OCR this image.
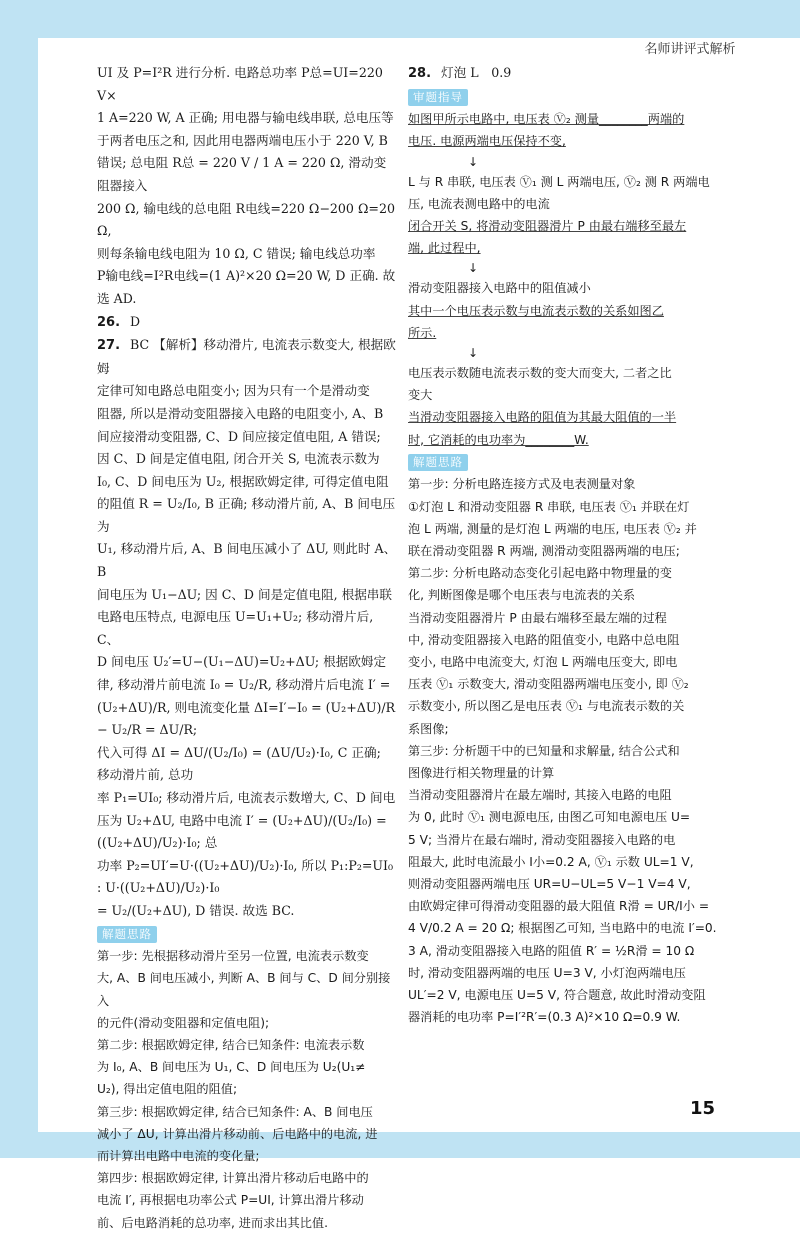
名师讲评式解析

UI 及 P=I²R 进行分析. 电路总功率 P总=UI=220 V×

1 A=220 W, A 正确; 用电器与输电线串联, 总电压等

于两者电压之和, 因此用电器两端电压小于 220 V, B

错误; 总电阻 R总 = 220 V / 1 A = 220 Ω, 滑动变阻器接入

200 Ω, 输电线的总电阻 R电线=220 Ω−200 Ω=20 Ω,

则每条输电线电阻为 10 Ω, C 错误; 输电线总功率

P输电线=I²R电线=(1 A)²×20 Ω=20 W, D 正确. 故

选 AD.

26. D

27. BC 【解析】移动滑片, 电流表示数变大, 根据欧姆

定律可知电路总电阻变小; 因为只有一个是滑动变

阻器, 所以是滑动变阻器接入电路的电阻变小, A、B

间应接滑动变阻器, C、D 间应接定值电阻, A 错误;

因 C、D 间是定值电阻, 闭合开关 S, 电流表示数为

I₀, C、D 间电压为 U₂, 根据欧姆定律, 可得定值电阻

的阻值 R = U₂/I₀, B 正确; 移动滑片前, A、B 间电压为

U₁, 移动滑片后, A、B 间电压减小了 ΔU, 则此时 A、B

间电压为 U₁−ΔU; 因 C、D 间是定值电阻, 根据串联

电路电压特点, 电源电压 U=U₁+U₂; 移动滑片后, C、

D 间电压 U₂′=U−(U₁−ΔU)=U₂+ΔU; 根据欧姆定

律, 移动滑片前电流 I₀ = U₂/R, 移动滑片后电流 I′ =

(U₂+ΔU)/R, 则电流变化量 ΔI=I′−I₀ = (U₂+ΔU)/R − U₂/R = ΔU/R;

代入可得 ΔI = ΔU/(U₂/I₀) = (ΔU/U₂)·I₀, C 正确; 移动滑片前, 总功

率 P₁=UI₀; 移动滑片后, 电流表示数增大, C、D 间电

压为 U₂+ΔU, 电路中电流 I′ = (U₂+ΔU)/(U₂/I₀) = ((U₂+ΔU)/U₂)·I₀; 总

功率 P₂=UI′=U·((U₂+ΔU)/U₂)·I₀, 所以 P₁:P₂=UI₀ : U·((U₂+ΔU)/U₂)·I₀

= U₂/(U₂+ΔU), D 错误. 故选 BC.

解题思路

第一步: 先根据移动滑片至另一位置, 电流表示数变

大, A、B 间电压减小, 判断 A、B 间与 C、D 间分别接入

的元件(滑动变阻器和定值电阻);

第二步: 根据欧姆定律, 结合已知条件: 电流表示数

为 I₀, A、B 间电压为 U₁, C、D 间电压为 U₂(U₁≠

U₂), 得出定值电阻的阻值;

第三步: 根据欧姆定律, 结合已知条件: A、B 间电压

减小了 ΔU, 计算出滑片移动前、后电路中的电流, 进

而计算出电路中电流的变化量;

第四步: 根据欧姆定律, 计算出滑片移动后电路中的

电流 I′, 再根据电功率公式 P=UI, 计算出滑片移动

前、后电路消耗的总功率, 进而求出其比值.

28. 灯泡 L　0.9

审题指导

如图甲所示电路中, 电压表 Ⓥ₂ 测量________两端的

电压. 电源两端电压保持不变,

↓

L 与 R 串联, 电压表 Ⓥ₁ 测 L 两端电压, Ⓥ₂ 测 R 两端电

压, 电流表测电路中的电流

闭合开关 S, 将滑动变阻器滑片 P 由最右端移至最左

端, 此过程中,

↓

滑动变阻器接入电路中的阻值减小

其中一个电压表示数与电流表示数的关系如图乙

所示.

↓

电压表示数随电流表示数的变大而变大, 二者之比

变大

当滑动变阻器接入电路的阻值为其最大阻值的一半

时, 它消耗的电功率为________W.

解题思路

第一步: 分析电路连接方式及电表测量对象

①灯泡 L 和滑动变阻器 R 串联, 电压表 Ⓥ₁ 并联在灯

泡 L 两端, 测量的是灯泡 L 两端的电压, 电压表 Ⓥ₂ 并

联在滑动变阻器 R 两端, 测滑动变阻器两端的电压;

第二步: 分析电路动态变化引起电路中物理量的变

化, 判断图像是哪个电压表与电流表的关系

当滑动变阻器滑片 P 由最右端移至最左端的过程

中, 滑动变阻器接入电路的阻值变小, 电路中总电阻

变小, 电路中电流变大, 灯泡 L 两端电压变大, 即电

压表 Ⓥ₁ 示数变大, 滑动变阻器两端电压变小, 即 Ⓥ₂

示数变小, 所以图乙是电压表 Ⓥ₁ 与电流表示数的关

系图像;

第三步: 分析题干中的已知量和求解量, 结合公式和

图像进行相关物理量的计算

当滑动变阻器滑片在最左端时, 其接入电路的电阻

为 0, 此时 Ⓥ₁ 测电源电压, 由图乙可知电源电压 U=

5 V; 当滑片在最右端时, 滑动变阻器接入电路的电

阻最大, 此时电流最小 I小=0.2 A, Ⓥ₁ 示数 UL=1 V,

则滑动变阻器两端电压 UR=U−UL=5 V−1 V=4 V,

由欧姆定律可得滑动变阻器的最大阻值 R滑 = UR/I小 =

4 V/0.2 A = 20 Ω; 根据图乙可知, 当电路中的电流 I′=0.

3 A, 滑动变阻器接入电路的阻值 R′ = ½R滑 = 10 Ω

时, 滑动变阻器两端的电压 U=3 V, 小灯泡两端电压

UL′=2 V, 电源电压 U=5 V, 符合题意, 故此时滑动变阻

器消耗的电功率 P=I′²R′=(0.3 A)²×10 Ω=0.9 W.

15
